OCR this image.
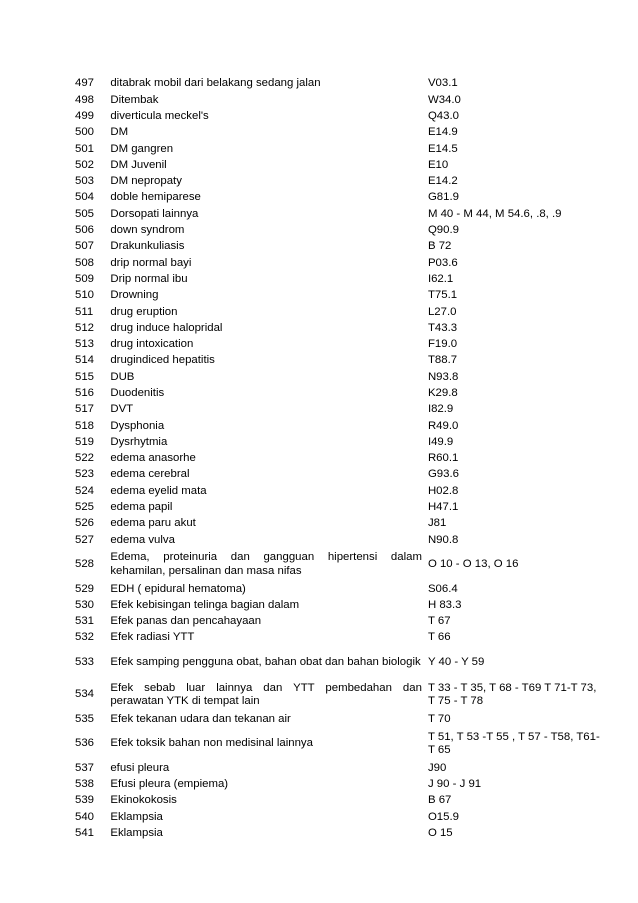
497	ditabrak mobil dari belakang sedang jalan	V03.1
498	Ditembak	W34.0
499	diverticula meckel's	Q43.0
500	DM	E14.9
501	DM gangren	E14.5
502	DM Juvenil	E10
503	DM nepropaty	E14.2
504	doble hemiparese	G81.9
505	Dorsopati lainnya	M 40 - M 44, M 54.6, .8, .9
506	down syndrom	Q90.9
507	Drakunkuliasis	B 72
508	drip normal bayi	P03.6
509	Drip normal ibu	I62.1
510	Drowning	T75.1
511	drug eruption	L27.0
512	drug induce halopridal	T43.3
513	drug intoxication	F19.0
514	drugindiced hepatitis	T88.7
515	DUB	N93.8
516	Duodenitis	K29.8
517	DVT	I82.9
518	Dysphonia	R49.0
519	Dysrhytmia	I49.9
522	edema anasorhe	R60.1
523	edema cerebral	G93.6
524	edema eyelid mata	H02.8
525	edema papil	H47.1
526	edema paru akut	J81
527	edema vulva	N90.8
528	Edema, proteinuria dan gangguan hipertensi dalam kehamilan, persalinan dan masa nifas	O 10 - O 13, O 16
529	EDH ( epidural hematoma)	S06.4
530	Efek kebisingan telinga bagian dalam	H 83.3
531	Efek panas dan pencahayaan	T 67
532	Efek radiasi YTT	T 66
533	Efek samping pengguna obat, bahan obat dan bahan biologik	Y 40 - Y 59
534	Efek sebab luar lainnya dan YTT pembedahan dan perawatan YTK di tempat lain	T 33 - T 35, T 68 - T69 T 71-T 73, T 75 - T 78
535	Efek tekanan udara dan tekanan air	T 70
536	Efek toksik bahan non medisinal lainnya	T 51, T 53 -T 55 , T 57 - T58, T61- T 65
537	efusi pleura	J90
538	Efusi pleura (empiema)	J 90 - J 91
539	Ekinokokosis	B 67
540	Eklampsia	O15.9
541	Eklampsia	O 15
